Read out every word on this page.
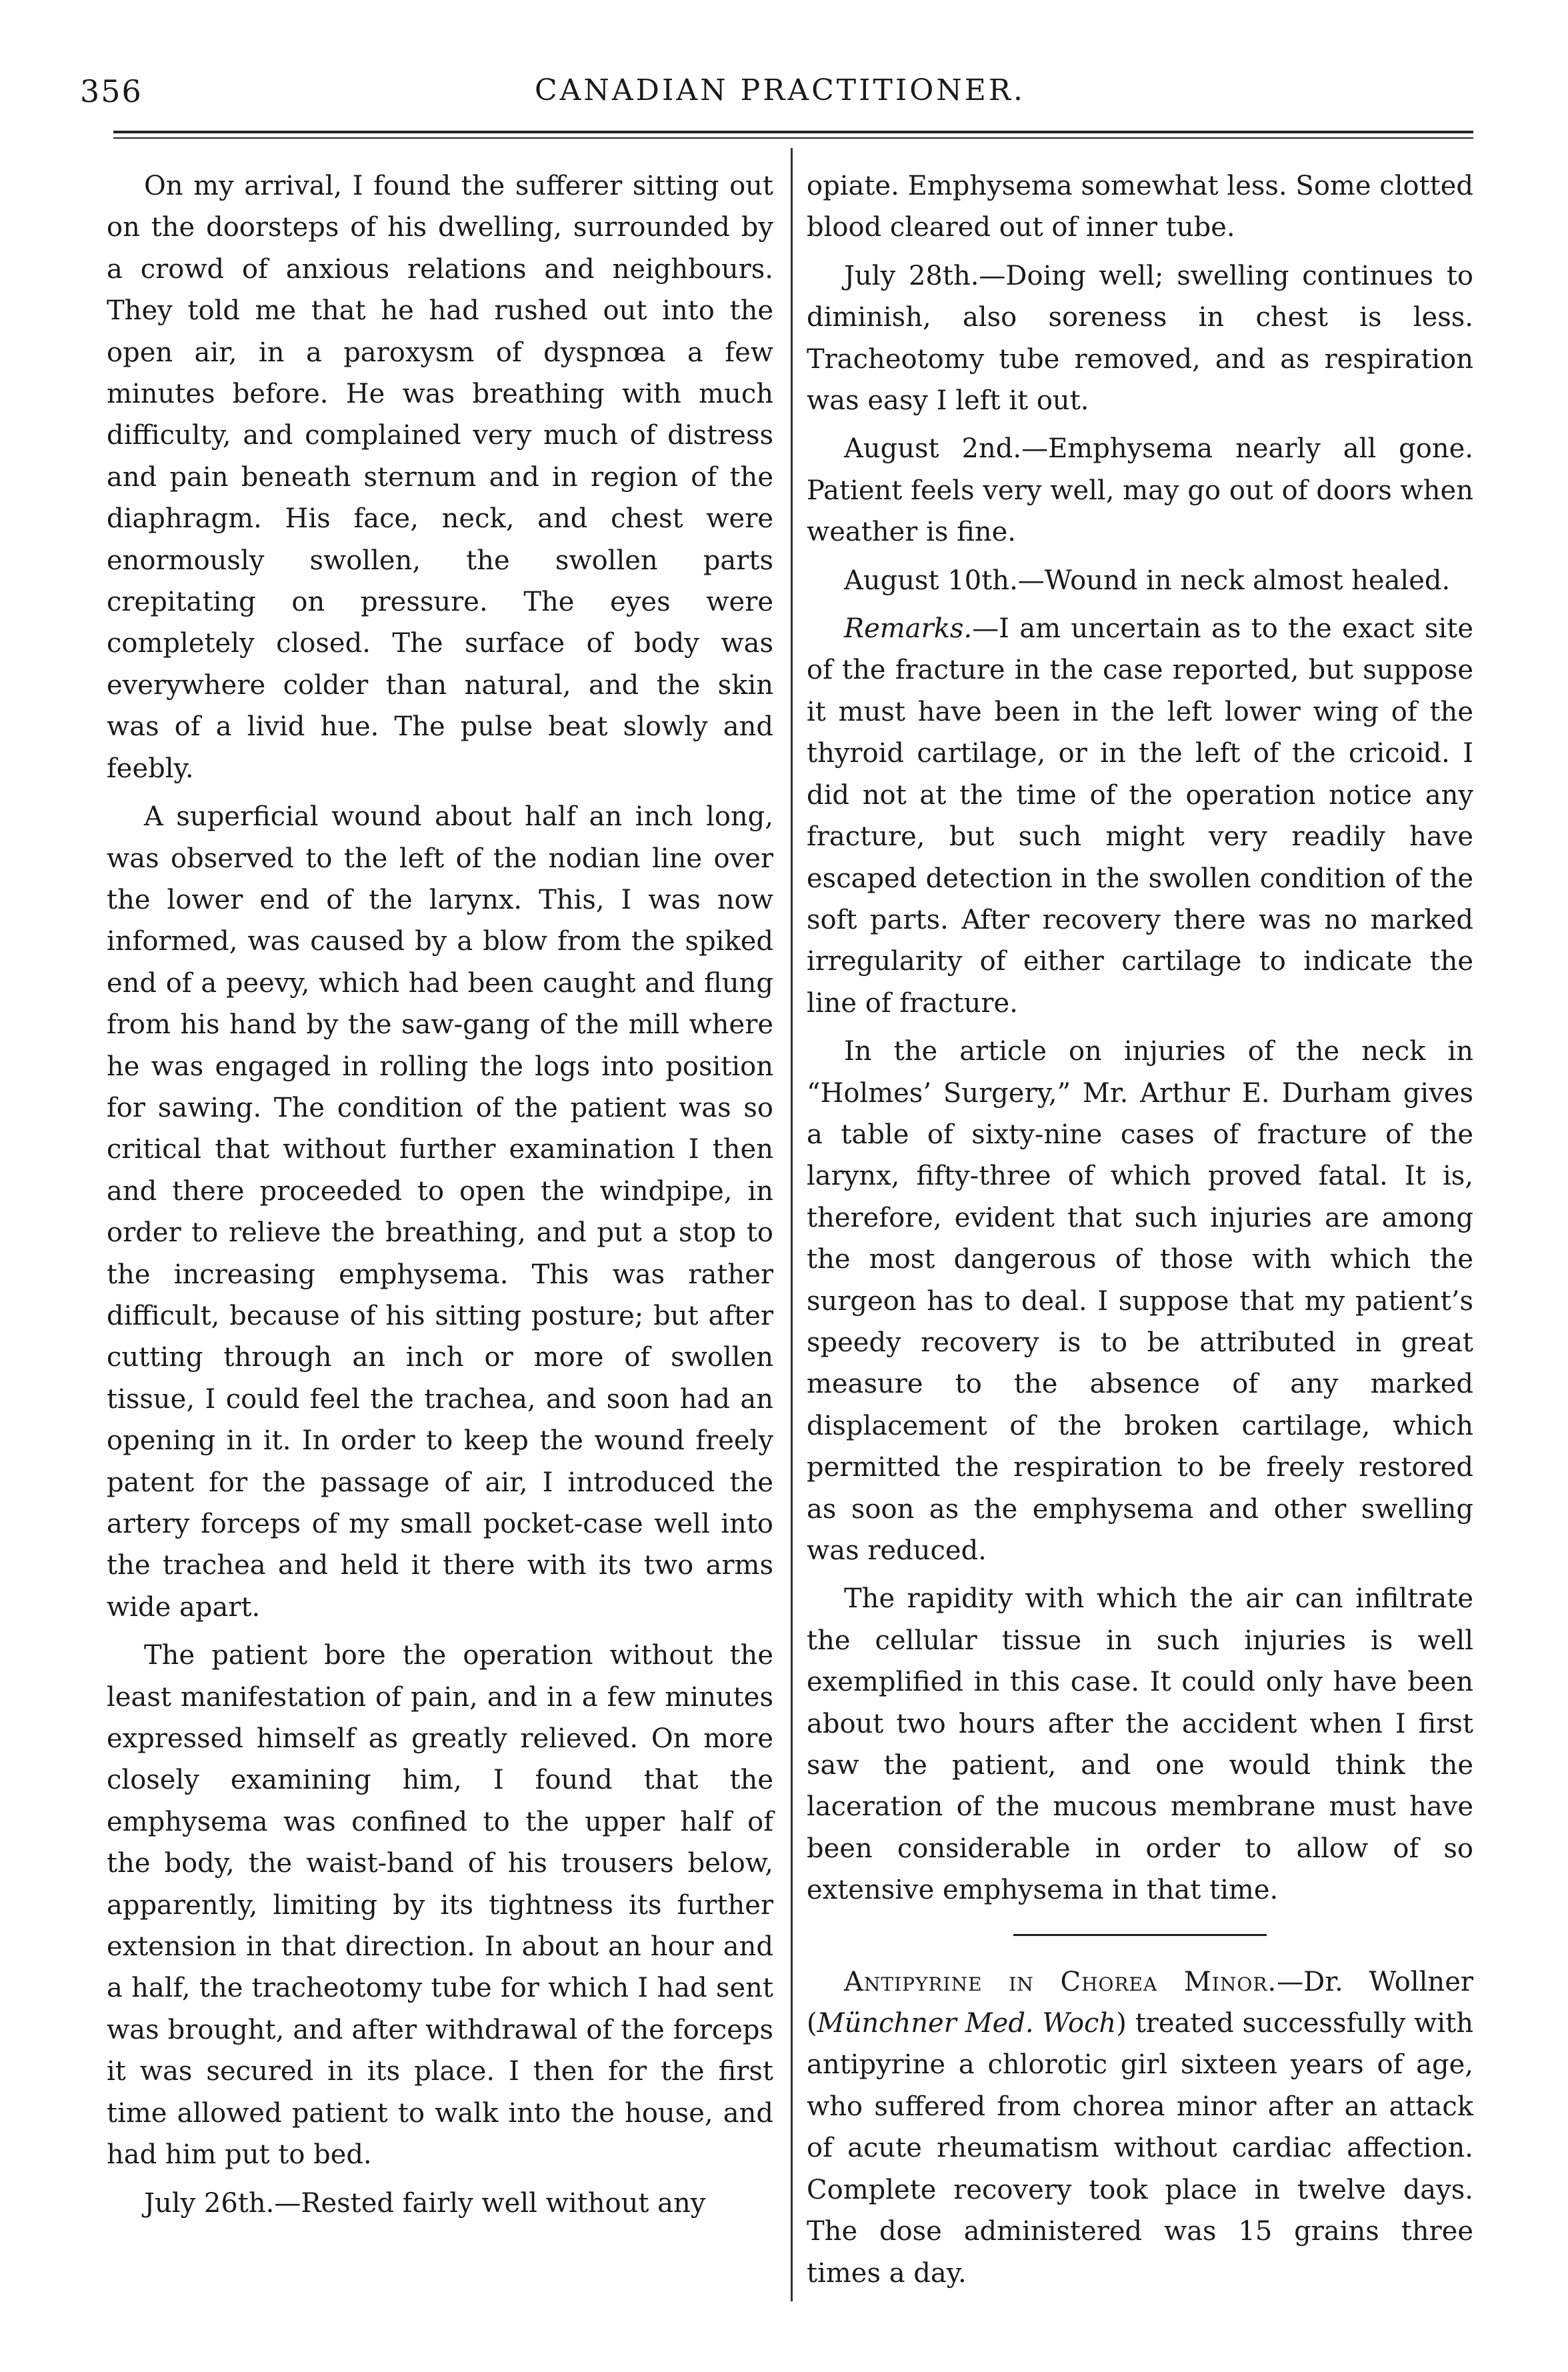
356	CANADIAN PRACTITIONER.

On my arrival, I found the sufferer sitting out on the doorsteps of his dwelling, surrounded by a crowd of anxious relations and neighbours. They told me that he had rushed out into the open air, in a paroxysm of dyspnœa a few minutes before. He was breathing with much difficulty, and complained very much of distress and pain beneath sternum and in region of the diaphragm. His face, neck, and chest were enormously swollen, the swollen parts crepitating on pressure. The eyes were completely closed. The surface of body was everywhere colder than natural, and the skin was of a livid hue. The pulse beat slowly and feebly.

A superficial wound about half an inch long, was observed to the left of the nodian line over the lower end of the larynx. This, I was now informed, was caused by a blow from the spiked end of a peevy, which had been caught and flung from his hand by the saw-gang of the mill where he was engaged in rolling the logs into position for sawing. The condition of the patient was so critical that without further examination I then and there proceeded to open the windpipe, in order to relieve the breathing, and put a stop to the increasing emphysema. This was rather difficult, because of his sitting posture; but after cutting through an inch or more of swollen tissue, I could feel the trachea, and soon had an opening in it. In order to keep the wound freely patent for the passage of air, I introduced the artery forceps of my small pocket-case well into the trachea and held it there with its two arms wide apart.

The patient bore the operation without the least manifestation of pain, and in a few minutes expressed himself as greatly relieved. On more closely examining him, I found that the emphysema was confined to the upper half of the body, the waist-band of his trousers below, apparently, limiting by its tightness its further extension in that direction. In about an hour and a half, the tracheotomy tube for which I had sent was brought, and after withdrawal of the forceps it was secured in its place. I then for the first time allowed patient to walk into the house, and had him put to bed.

July 26th.—Rested fairly well without any

opiate. Emphysema somewhat less. Some clotted blood cleared out of inner tube.

July 28th.—Doing well; swelling continues to diminish, also soreness in chest is less. Tracheotomy tube removed, and as respiration was easy I left it out.

August 2nd.—Emphysema nearly all gone. Patient feels very well, may go out of doors when weather is fine.

August 10th.—Wound in neck almost healed.

Remarks.—I am uncertain as to the exact site of the fracture in the case reported, but suppose it must have been in the left lower wing of the thyroid cartilage, or in the left of the cricoid. I did not at the time of the operation notice any fracture, but such might very readily have escaped detection in the swollen condition of the soft parts. After recovery there was no marked irregularity of either cartilage to indicate the line of fracture.

In the article on injuries of the neck in “Holmes’ Surgery,” Mr. Arthur E. Durham gives a table of sixty-nine cases of fracture of the larynx, fifty-three of which proved fatal. It is, therefore, evident that such injuries are among the most dangerous of those with which the surgeon has to deal. I suppose that my patient’s speedy recovery is to be attributed in great measure to the absence of any marked displacement of the broken cartilage, which permitted the respiration to be freely restored as soon as the emphysema and other swelling was reduced.

The rapidity with which the air can infiltrate the cellular tissue in such injuries is well exemplified in this case. It could only have been about two hours after the accident when I first saw the patient, and one would think the laceration of the mucous membrane must have been considerable in order to allow of so extensive emphysema in that time.

Antipyrine in Chorea Minor.—Dr. Wollner (Münchner Med. Woch) treated successfully with antipyrine a chlorotic girl sixteen years of age, who suffered from chorea minor after an attack of acute rheumatism without cardiac affection. Complete recovery took place in twelve days. The dose administered was 15 grains three times a day.
